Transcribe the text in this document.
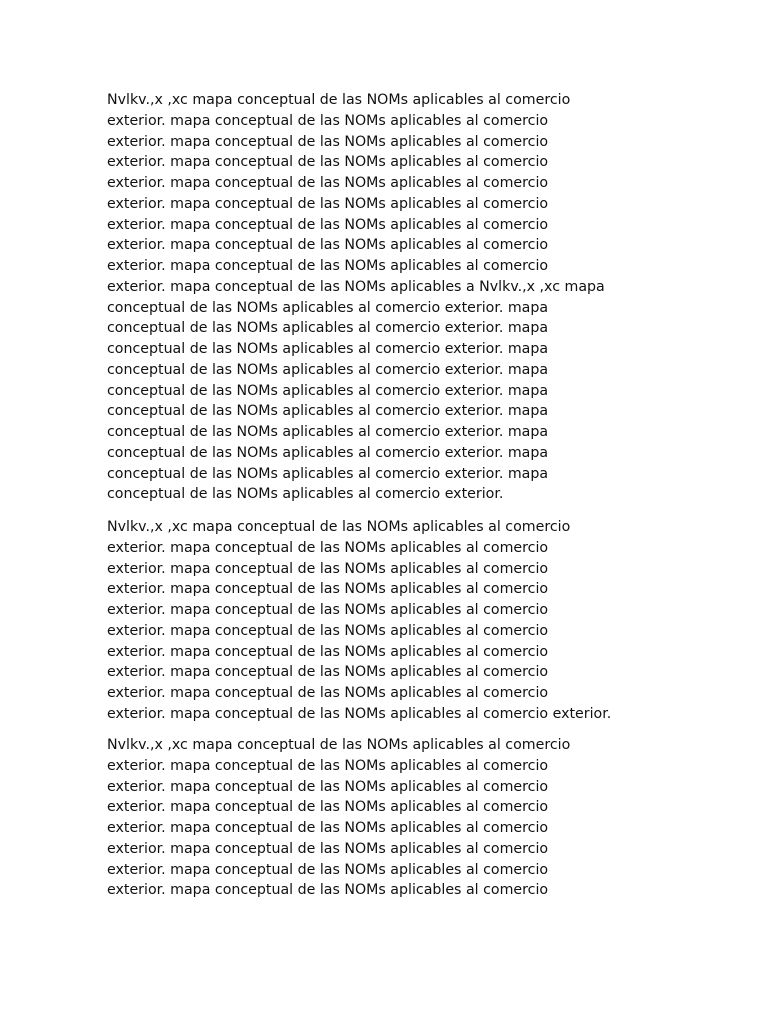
Nvlkv.,x ,xc mapa conceptual de las NOMs aplicables al comercio
exterior. mapa conceptual de las NOMs aplicables al comercio
exterior. mapa conceptual de las NOMs aplicables al comercio
exterior. mapa conceptual de las NOMs aplicables al comercio
exterior. mapa conceptual de las NOMs aplicables al comercio
exterior. mapa conceptual de las NOMs aplicables al comercio
exterior. mapa conceptual de las NOMs aplicables al comercio
exterior. mapa conceptual de las NOMs aplicables al comercio
exterior. mapa conceptual de las NOMs aplicables al comercio
exterior. mapa conceptual de las NOMs aplicables a Nvlkv.,x ,xc mapa
conceptual de las NOMs aplicables al comercio exterior. mapa
conceptual de las NOMs aplicables al comercio exterior. mapa
conceptual de las NOMs aplicables al comercio exterior. mapa
conceptual de las NOMs aplicables al comercio exterior. mapa
conceptual de las NOMs aplicables al comercio exterior. mapa
conceptual de las NOMs aplicables al comercio exterior. mapa
conceptual de las NOMs aplicables al comercio exterior. mapa
conceptual de las NOMs aplicables al comercio exterior. mapa
conceptual de las NOMs aplicables al comercio exterior. mapa
conceptual de las NOMs aplicables al comercio exterior.
Nvlkv.,x ,xc mapa conceptual de las NOMs aplicables al comercio
exterior. mapa conceptual de las NOMs aplicables al comercio
exterior. mapa conceptual de las NOMs aplicables al comercio
exterior. mapa conceptual de las NOMs aplicables al comercio
exterior. mapa conceptual de las NOMs aplicables al comercio
exterior. mapa conceptual de las NOMs aplicables al comercio
exterior. mapa conceptual de las NOMs aplicables al comercio
exterior. mapa conceptual de las NOMs aplicables al comercio
exterior. mapa conceptual de las NOMs aplicables al comercio
exterior. mapa conceptual de las NOMs aplicables al comercio exterior.
Nvlkv.,x ,xc mapa conceptual de las NOMs aplicables al comercio
exterior. mapa conceptual de las NOMs aplicables al comercio
exterior. mapa conceptual de las NOMs aplicables al comercio
exterior. mapa conceptual de las NOMs aplicables al comercio
exterior. mapa conceptual de las NOMs aplicables al comercio
exterior. mapa conceptual de las NOMs aplicables al comercio
exterior. mapa conceptual de las NOMs aplicables al comercio
exterior. mapa conceptual de las NOMs aplicables al comercio
